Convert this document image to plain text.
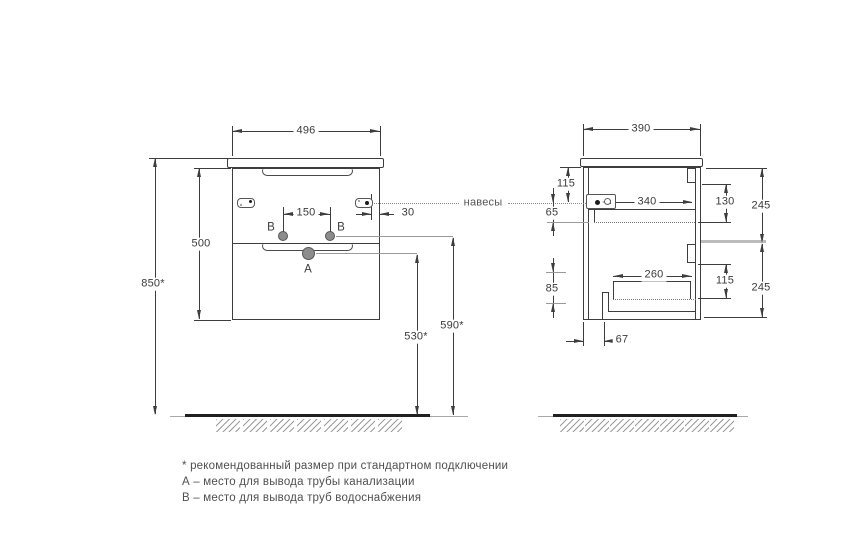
496
850*
500
навесы
150	30
B	B
A
530*
590*
390
340
260
115
65
85
130 245
115
245
67
* рекомендованный размер при стандартном подключении
А – место для вывода трубы канализации
В – место для вывода труб водоснабжения
